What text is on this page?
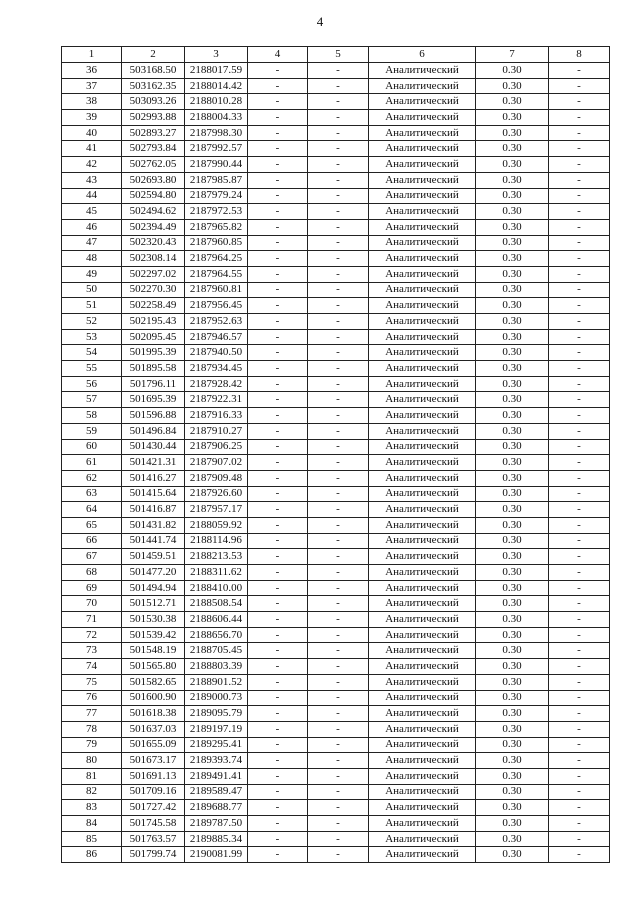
4
1	2	3	4	5	6	7	8
36	503168.50	2188017.59	-	-	Аналитический	0.30	-
37	503162.35	2188014.42	-	-	Аналитический	0.30	-
38	503093.26	2188010.28	-	-	Аналитический	0.30	-
39	502993.88	2188004.33	-	-	Аналитический	0.30	-
40	502893.27	2187998.30	-	-	Аналитический	0.30	-
41	502793.84	2187992.57	-	-	Аналитический	0.30	-
42	502762.05	2187990.44	-	-	Аналитический	0.30	-
43	502693.80	2187985.87	-	-	Аналитический	0.30	-
44	502594.80	2187979.24	-	-	Аналитический	0.30	-
45	502494.62	2187972.53	-	-	Аналитический	0.30	-
46	502394.49	2187965.82	-	-	Аналитический	0.30	-
47	502320.43	2187960.85	-	-	Аналитический	0.30	-
48	502308.14	2187964.25	-	-	Аналитический	0.30	-
49	502297.02	2187964.55	-	-	Аналитический	0.30	-
50	502270.30	2187960.81	-	-	Аналитический	0.30	-
51	502258.49	2187956.45	-	-	Аналитический	0.30	-
52	502195.43	2187952.63	-	-	Аналитический	0.30	-
53	502095.45	2187946.57	-	-	Аналитический	0.30	-
54	501995.39	2187940.50	-	-	Аналитический	0.30	-
55	501895.58	2187934.45	-	-	Аналитический	0.30	-
56	501796.11	2187928.42	-	-	Аналитический	0.30	-
57	501695.39	2187922.31	-	-	Аналитический	0.30	-
58	501596.88	2187916.33	-	-	Аналитический	0.30	-
59	501496.84	2187910.27	-	-	Аналитический	0.30	-
60	501430.44	2187906.25	-	-	Аналитический	0.30	-
61	501421.31	2187907.02	-	-	Аналитический	0.30	-
62	501416.27	2187909.48	-	-	Аналитический	0.30	-
63	501415.64	2187926.60	-	-	Аналитический	0.30	-
64	501416.87	2187957.17	-	-	Аналитический	0.30	-
65	501431.82	2188059.92	-	-	Аналитический	0.30	-
66	501441.74	2188114.96	-	-	Аналитический	0.30	-
67	501459.51	2188213.53	-	-	Аналитический	0.30	-
68	501477.20	2188311.62	-	-	Аналитический	0.30	-
69	501494.94	2188410.00	-	-	Аналитический	0.30	-
70	501512.71	2188508.54	-	-	Аналитический	0.30	-
71	501530.38	2188606.44	-	-	Аналитический	0.30	-
72	501539.42	2188656.70	-	-	Аналитический	0.30	-
73	501548.19	2188705.45	-	-	Аналитический	0.30	-
74	501565.80	2188803.39	-	-	Аналитический	0.30	-
75	501582.65	2188901.52	-	-	Аналитический	0.30	-
76	501600.90	2189000.73	-	-	Аналитический	0.30	-
77	501618.38	2189095.79	-	-	Аналитический	0.30	-
78	501637.03	2189197.19	-	-	Аналитический	0.30	-
79	501655.09	2189295.41	-	-	Аналитический	0.30	-
80	501673.17	2189393.74	-	-	Аналитический	0.30	-
81	501691.13	2189491.41	-	-	Аналитический	0.30	-
82	501709.16	2189589.47	-	-	Аналитический	0.30	-
83	501727.42	2189688.77	-	-	Аналитический	0.30	-
84	501745.58	2189787.50	-	-	Аналитический	0.30	-
85	501763.57	2189885.34	-	-	Аналитический	0.30	-
86	501799.74	2190081.99	-	-	Аналитический	0.30	-
